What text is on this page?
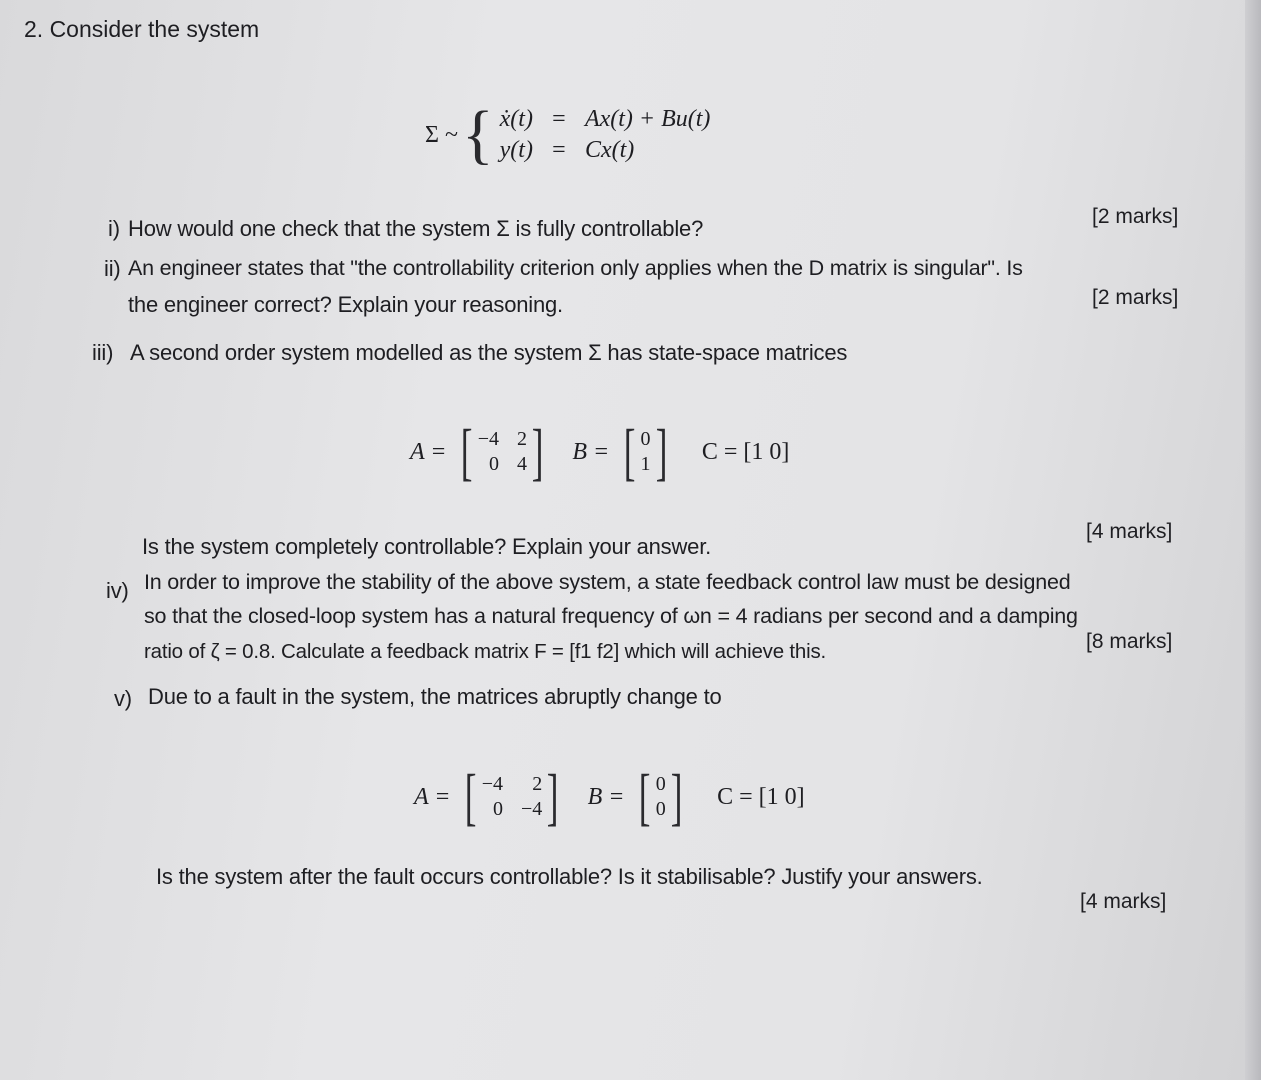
2. Consider the system
Σ ~ { ẋ(t) = Ax(t) + Bu(t)
y(t) = Cx(t)
i) How would one check that the system Σ is fully controllable?	[2 marks]
ii) An engineer states that "the controllability criterion only applies when the D matrix is singular". Is
the engineer correct? Explain your reasoning.	[2 marks]
iii) A second order system modelled as the system Σ has state-space matrices
A = [ −4 2
0 4 ] B = [ 0
1 ] C = [1 0]
Is the system completely controllable? Explain your answer.
[4 marks]
iv) In order to improve the stability of the above system, a state feedback control law must be designed
so that the closed-loop system has a natural frequency of ωn = 4 radians per second and a damping
ratio of ζ = 0.8. Calculate a feedback matrix F = [f1 f2] which will achieve this.	[8 marks]
v) Due to a fault in the system, the matrices abruptly change to
A = [ −4	2
0 −4 ] B = [ 0
0 ] C = [1 0]
Is the system after the fault occurs controllable? Is it stabilisable? Justify your answers.
[4 marks]
